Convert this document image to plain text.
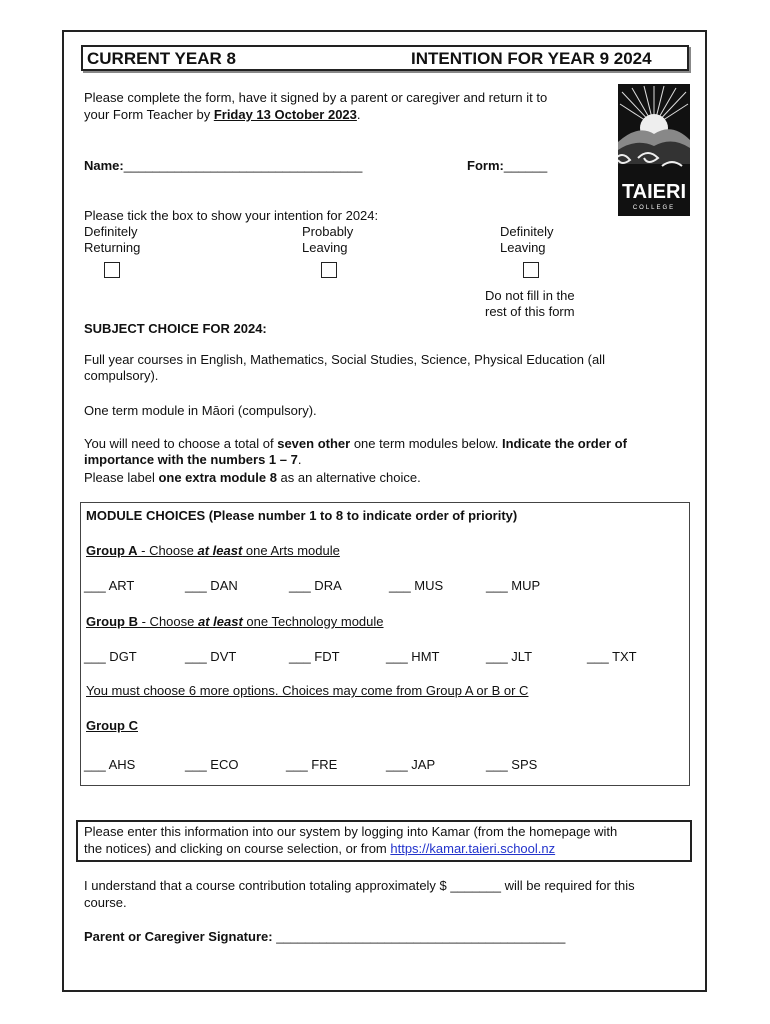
CURRENT YEAR 8	INTENTION FOR YEAR 9 2024
Please complete the form, have it signed by a parent or caregiver and return it to
your Form Teacher by Friday 13 October 2023.
TAIERI
COLLEGE
Name:_________________________________	Form:______
Please tick the box to show your intention for 2024:
Definitely
Returning
Probably
Leaving
Definitely
Leaving
Do not fill in the
rest of this form
SUBJECT CHOICE FOR 2024:
Full year courses in English, Mathematics, Social Studies, Science, Physical Education (all compulsory).
One term module in Māori (compulsory).
You will need to choose a total of seven other one term modules below. Indicate the order of importance with the numbers 1 – 7.
Please label one extra module 8 as an alternative choice.
MODULE CHOICES (Please number 1 to 8 to indicate order of priority)
Group A - Choose at least one Arts module
___ ART	___ DAN	___ DRA	___ MUS	___ MUP
Group B - Choose at least one Technology module
___ DGT	___ DVT	___ FDT	___ HMT	___ JLT	___ TXT
You must choose 6 more options. Choices may come from Group A or B or C
Group C
___ AHS	___ ECO	___ FRE	___ JAP	___ SPS
Please enter this information into our system by logging into Kamar (from the homepage with
the notices) and clicking on course selection, or from https://kamar.taieri.school.nz
I understand that a course contribution totaling approximately $ _______ will be required for this
course.
Parent or Caregiver Signature: ________________________________________
